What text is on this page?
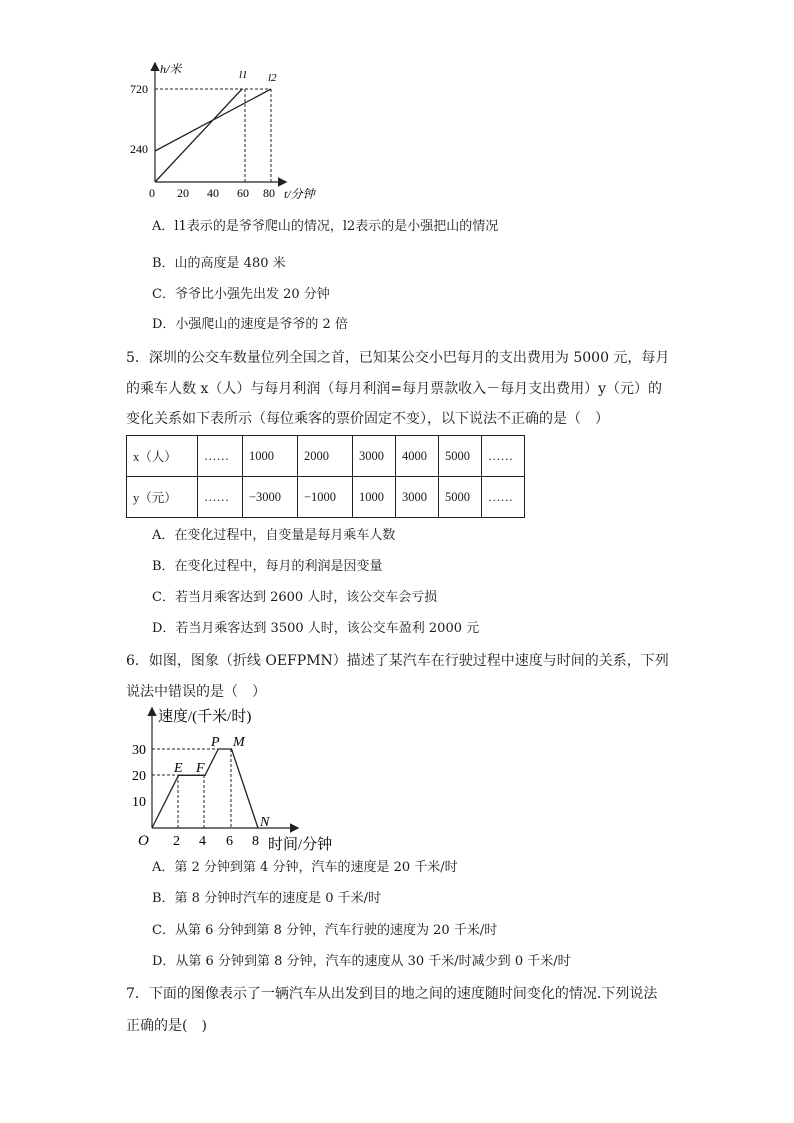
h/米
720
240
0 20 40 60 80 t/分钟
l1 l2
A．l1表示的是爷爷爬山的情况，l2表示的是小强把山的情况
B．山的高度是 480 米
C．爷爷比小强先出发 20 分钟
D．小强爬山的速度是爷爷的 2 倍
5．深圳的公交车数量位列全国之首，已知某公交小巴每月的支出费用为 5000 元，每月
的乘车人数 x（人）与每月利润（每月利润=每月票款收入－每月支出费用）y（元）的
变化关系如下表所示（每位乘客的票价固定不变），以下说法不正确的是（　）
x（人）	……	1000	2000	3000	4000	5000	……
y（元）	……	−3000	−1000	1000	3000	5000	……
A．在变化过程中，自变量是每月乘车人数
B．在变化过程中，每月的利润是因变量
C．若当月乘客达到 2600 人时，该公交车会亏损
D．若当月乘客达到 3500 人时，该公交车盈利 2000 元
6．如图，图象（折线 OEFPMN）描述了某汽车在行驶过程中速度与时间的关系，下列
说法中错误的是（　）
速度/(千米/时)
30
20
10
O 2 4 6 8 时间/分钟
E F
P M
N
A．第 2 分钟到第 4 分钟，汽车的速度是 20 千米/时
B．第 8 分钟时汽车的速度是 0 千米/时
C．从第 6 分钟到第 8 分钟，汽车行驶的速度为 20 千米/时
D．从第 6 分钟到第 8 分钟，汽车的速度从 30 千米/时减少到 0 千米/时
7．下面的图像表示了一辆汽车从出发到目的地之间的速度随时间变化的情况.下列说法
正确的是(　)
